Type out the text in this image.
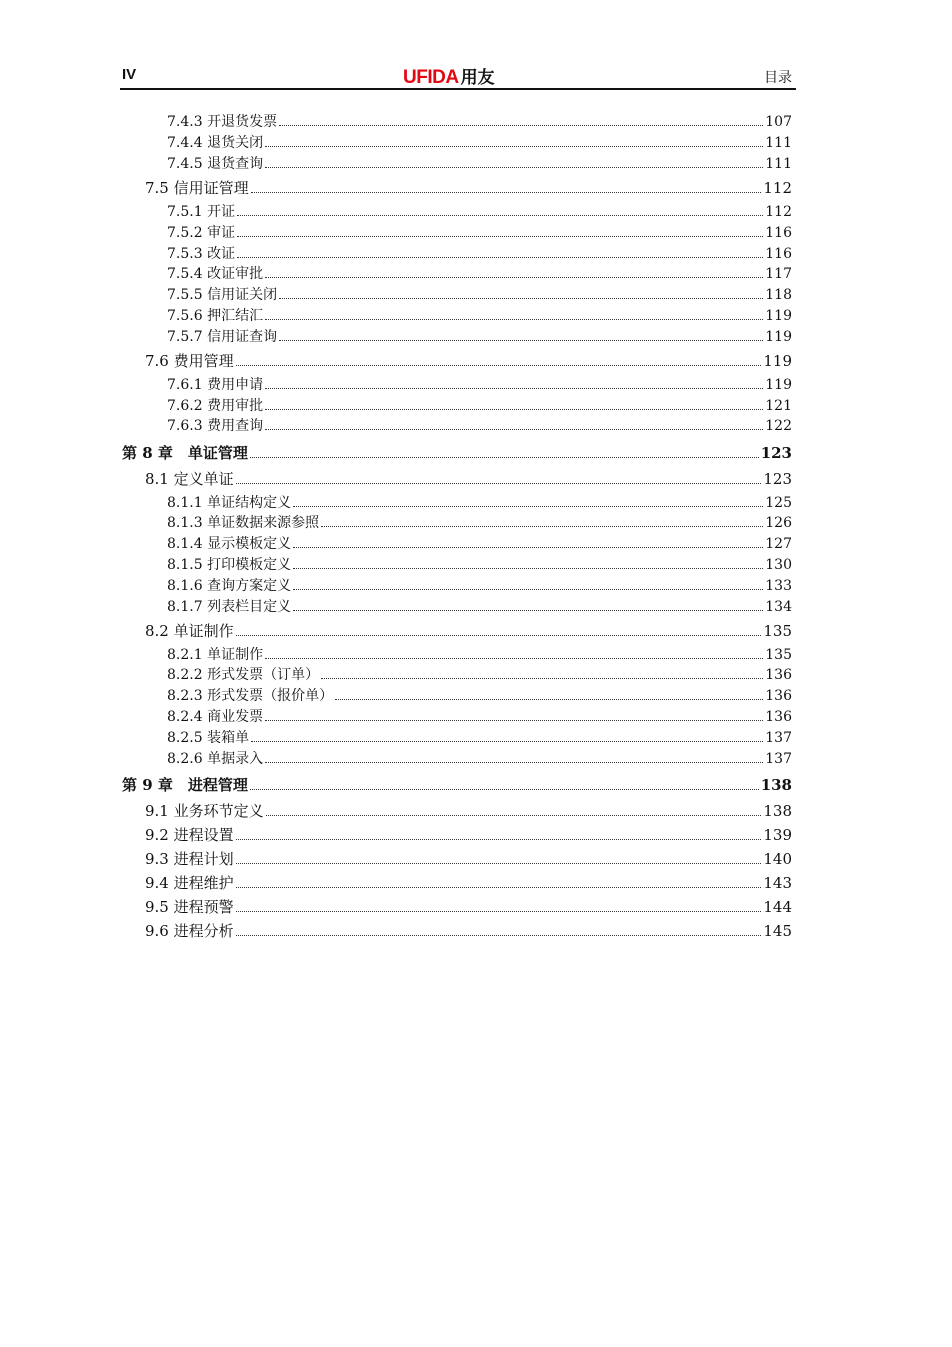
IV	UFIDA 用友	目录
7.4.3 开退货发票	107
7.4.4 退货关闭	111
7.4.5 退货查询	111
7.5 信用证管理	112
7.5.1 开证	112
7.5.2 审证	116
7.5.3 改证	116
7.5.4 改证审批	117
7.5.5 信用证关闭	118
7.5.6 押汇结汇	119
7.5.7 信用证查询	119
7.6 费用管理	119
7.6.1 费用申请	119
7.6.2 费用审批	121
7.6.3 费用查询	122
第 8 章　单证管理	123
8.1 定义单证	123
8.1.1 单证结构定义	125
8.1.3 单证数据来源参照	126
8.1.4 显示模板定义	127
8.1.5 打印模板定义	130
8.1.6 查询方案定义	133
8.1.7 列表栏目定义	134
8.2 单证制作	135
8.2.1 单证制作	135
8.2.2 形式发票（订单）	136
8.2.3 形式发票（报价单）	136
8.2.4 商业发票	136
8.2.5 装箱单	137
8.2.6 单据录入	137
第 9 章　进程管理	138
9.1 业务环节定义	138
9.2 进程设置	139
9.3 进程计划	140
9.4 进程维护	143
9.5 进程预警	144
9.6 进程分析	145
